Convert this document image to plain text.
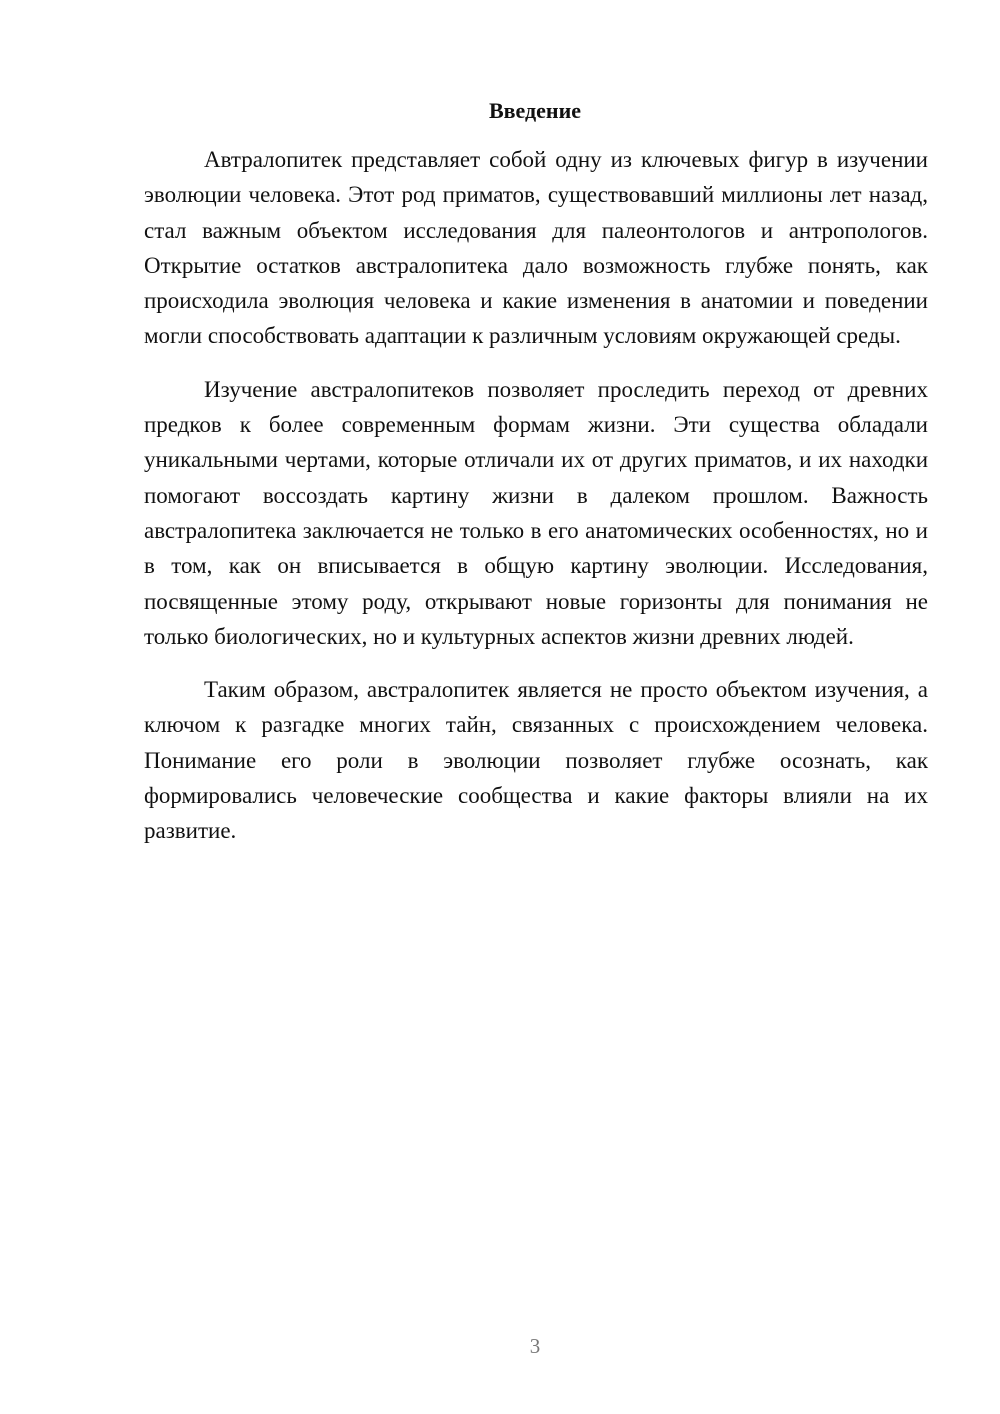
Введение

Автралопитек представляет собой одну из ключевых фигур в изучении эволюции человека. Этот род приматов, существовавший миллионы лет назад, стал важным объектом исследования для палеонтологов и антропологов. Открытие остатков австралопитека дало возможность глубже понять, как происходила эволюция человека и какие изменения в анатомии и поведении могли способствовать адаптации к различным условиям окружающей среды.

Изучение австралопитеков позволяет проследить переход от древних предков к более современным формам жизни. Эти существа обладали уникальными чертами, которые отличали их от других приматов, и их находки помогают воссоздать картину жизни в далеком прошлом. Важность австралопитека заключается не только в его анатомических особенностях, но и в том, как он вписывается в общую картину эволюции. Исследования, посвященные этому роду, открывают новые горизонты для понимания не только биологических, но и культурных аспектов жизни древних людей.

Таким образом, австралопитек является не просто объектом изучения, а ключом к разгадке многих тайн, связанных с происхождением человека. Понимание его роли в эволюции позволяет глубже осознать, как формировались человеческие сообщества и какие факторы влияли на их развитие.

3
